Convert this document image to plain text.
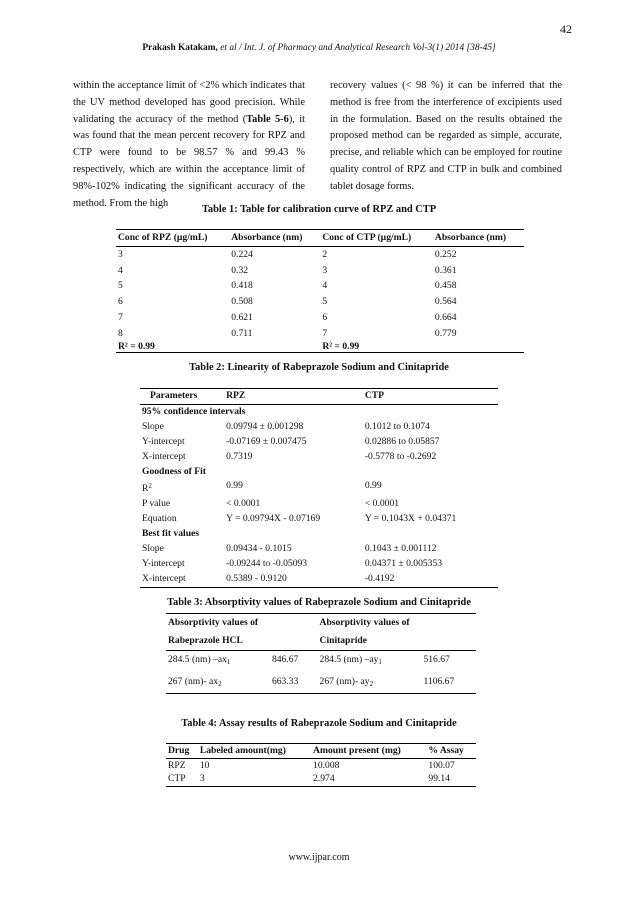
42
Prakash Katakam, et al / Int. J. of Pharmacy and Analytical Research Vol-3(1) 2014 [38-45]
within the acceptance limit of <2% which indicates that the UV method developed has good precision. While validating the accuracy of the method (Table 5-6), it was found that the mean percent recovery for RPZ and CTP were found to be 98.57 % and 99.43 % respectively, which are within the acceptance limit of 98%-102% indicating the significant accuracy of the method. From the high
recovery values (< 98 %) it can be inferred that the method is free from the interference of excipients used in the formulation. Based on the results obtained the proposed method can be regarded as simple, accurate, precise, and reliable which can be employed for routine quality control of RPZ and CTP in bulk and combined tablet dosage forms.
Table 1: Table for calibration curve of RPZ and CTP
Conc of RPZ (µg/mL)	Absorbance (nm)	Conc of CTP (µg/mL)	Absorbance (nm)
3	0.224	2	0.252
4	0.32	3	0.361
5	0.418	4	0.458
6	0.508	5	0.564
7	0.621	6	0.664
8	0.711	7	0.779
R² = 0.99		R² = 0.99	
Table 2: Linearity of Rabeprazole Sodium and Cinitapride
Parameters	RPZ	CTP
95% confidence intervals		
Slope	0.09794 ± 0.001298	0.1012 to 0.1074
Y-intercept	-0.07169 ± 0.007475	0.02886 to 0.05857
X-intercept	0.7319	-0.5778 to -0.2692
Goodness of Fit		
$R^2$	0.99	0.99
P value	< 0.0001	< 0.0001
Equation	Y = 0.09794X - 0.07169	Y = 0.1043X + 0.04371
Best fit values		
Slope	0.09434 - 0.1015	0.1043 ± 0.001112
Y-intercept	-0.09244 to -0.05093	0.04371 ± 0.005353
X-intercept	0.5389 - 0.9120	-0.4192
Table 3: Absorptivity values of Rabeprazole Sodium and Cinitapride
Absorptivity values of		Absorptivity values of	
Rabeprazole HCL		Cinitapride	
284.5 (nm) $-ax_1$	846.67	284.5 (nm) $-ay_1$	516.67
267 (nm)- $ax_2$	663.33	267 (nm)- $ay_2$	1106.67
Table 4: Assay results of Rabeprazole Sodium and Cinitapride
Drug	Labeled amount(mg)	Amount present (mg)	% Assay
RPZ	10	10.008	100.07
CTP	3	2.974	99.14
www.ijpar.com
